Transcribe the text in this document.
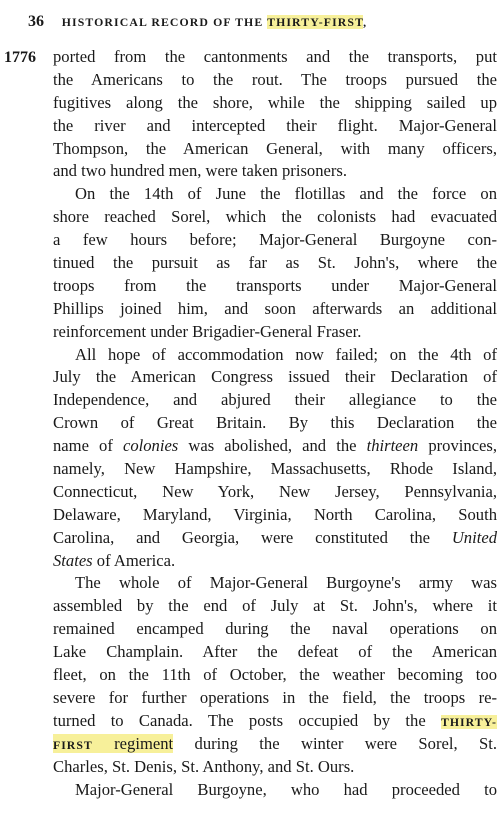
36 HISTORICAL RECORD OF THE THIRTY-FIRST,
1776 ported from the cantonments and the transports, put
the Americans to the rout. The troops pursued the
fugitives along the shore, while the shipping sailed up
the river and intercepted their flight. Major-General
Thompson, the American General, with many officers,
and two hundred men, were taken prisoners.
On the 14th of June the flotillas and the force on
shore reached Sorel, which the colonists had evacuated
a few hours before; Major-General Burgoyne con-
tinued the pursuit as far as St. John's, where the
troops from the transports under Major-General
Phillips joined him, and soon afterwards an additional
reinforcement under Brigadier-General Fraser.
All hope of accommodation now failed; on the 4th of
July the American Congress issued their Declaration of
Independence, and abjured their allegiance to the
Crown of Great Britain. By this Declaration the
name of colonies was abolished, and the thirteen provinces,
namely, New Hampshire, Massachusetts, Rhode Island,
Connecticut, New York, New Jersey, Pennsylvania,
Delaware, Maryland, Virginia, North Carolina, South
Carolina, and Georgia, were constituted the United
States of America.
The whole of Major-General Burgoyne's army was
assembled by the end of July at St. John's, where it
remained encamped during the naval operations on
Lake Champlain. After the defeat of the American
fleet, on the 11th of October, the weather becoming too
severe for further operations in the field, the troops re-
turned to Canada. The posts occupied by the THIRTY-
FIRST regiment during the winter were Sorel, St.
Charles, St. Denis, St. Anthony, and St. Ours.
Major-General Burgoyne, who had proceeded to
